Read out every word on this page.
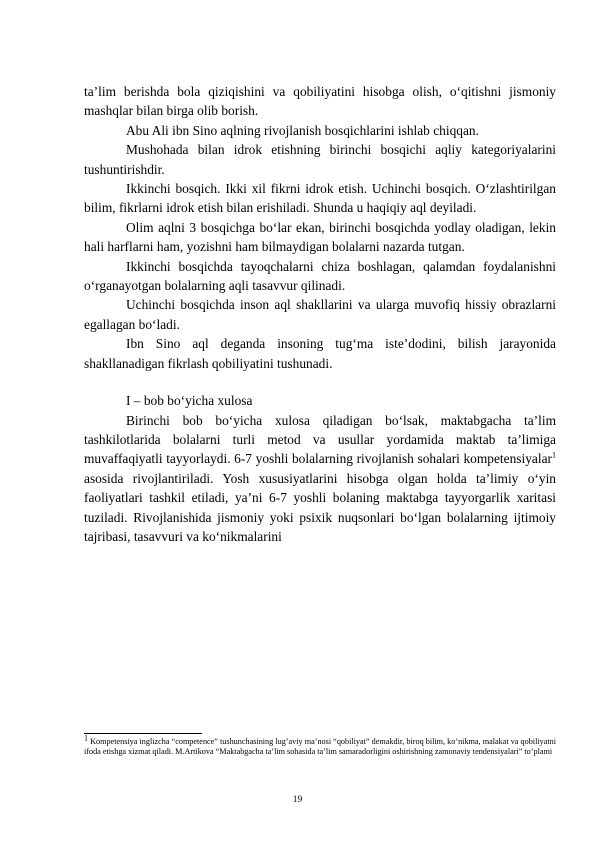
ta’lim berishda bola qiziqishini va qobiliyatini hisobga olish, o‘qitishni jismoniy mashqlar bilan birga olib borish.

Abu Ali ibn Sino aqlning rivojlanish bosqichlarini ishlab chiqqan.

Mushohada bilan idrok etishning birinchi bosqichi aqliy kategoriyalarini tushuntirishdir.

Ikkinchi bosqich. Ikki xil fikrni idrok etish. Uchinchi bosqich. O‘zlashtirilgan bilim, fikrlarni idrok etish bilan erishiladi. Shunda u haqiqiy aql deyiladi.

Olim aqlni 3 bosqichga bo‘lar ekan, birinchi bosqichda yodlay oladigan, lekin hali harflarni ham, yozishni ham bilmaydigan bolalarni nazarda tutgan.

Ikkinchi bosqichda tayoqchalarni chiza boshlagan, qalamdan foydalanishni o‘rganayotgan bolalarning aqli tasavvur qilinadi.

Uchinchi bosqichda inson aql shakllarini va ularga muvofiq hissiy obrazlarni egallagan bo‘ladi.

Ibn Sino aql deganda insoning tug‘ma iste’dodini, bilish jarayonida shakllanadigan fikrlash qobiliyatini tushunadi.

I – bob bo‘yicha xulosa

Birinchi bob bo‘yicha xulosa qiladigan bo‘lsak, maktabgacha ta’lim tashkilotlarida bolalarni turli metod va usullar yordamida maktab ta’limiga muvaffaqiyatli tayyorlaydi. 6-7 yoshli bolalarning rivojlanish sohalari kompetensiyalar$^1$ asosida rivojlantiriladi. Yosh xususiyatlarini hisobga olgan holda ta’limiy o‘yin faoliyatlari tashkil etiladi, ya’ni 6-7 yoshli bolaning maktabga tayyorgarlik xaritasi tuziladi. Rivojlanishida jismoniy yoki psixik nuqsonlari bo‘lgan bolalarning ijtimoiy tajribasi, tasavvuri va ko‘nikmalarini

$^1$ Kompetensiya inglizcha “competence” tushunchasining lug’aviy ma’nosi “qobiliyat” demakdir, biroq bilim, ko’nikma, malakat va qobiliyatni ifoda etishga xizmat qiladi. M.Artikova “Maktabgacha ta’lim sohasida ta’lim samaradorligini oshirishning zamonaviy tendensiyalari” to’plami

19
